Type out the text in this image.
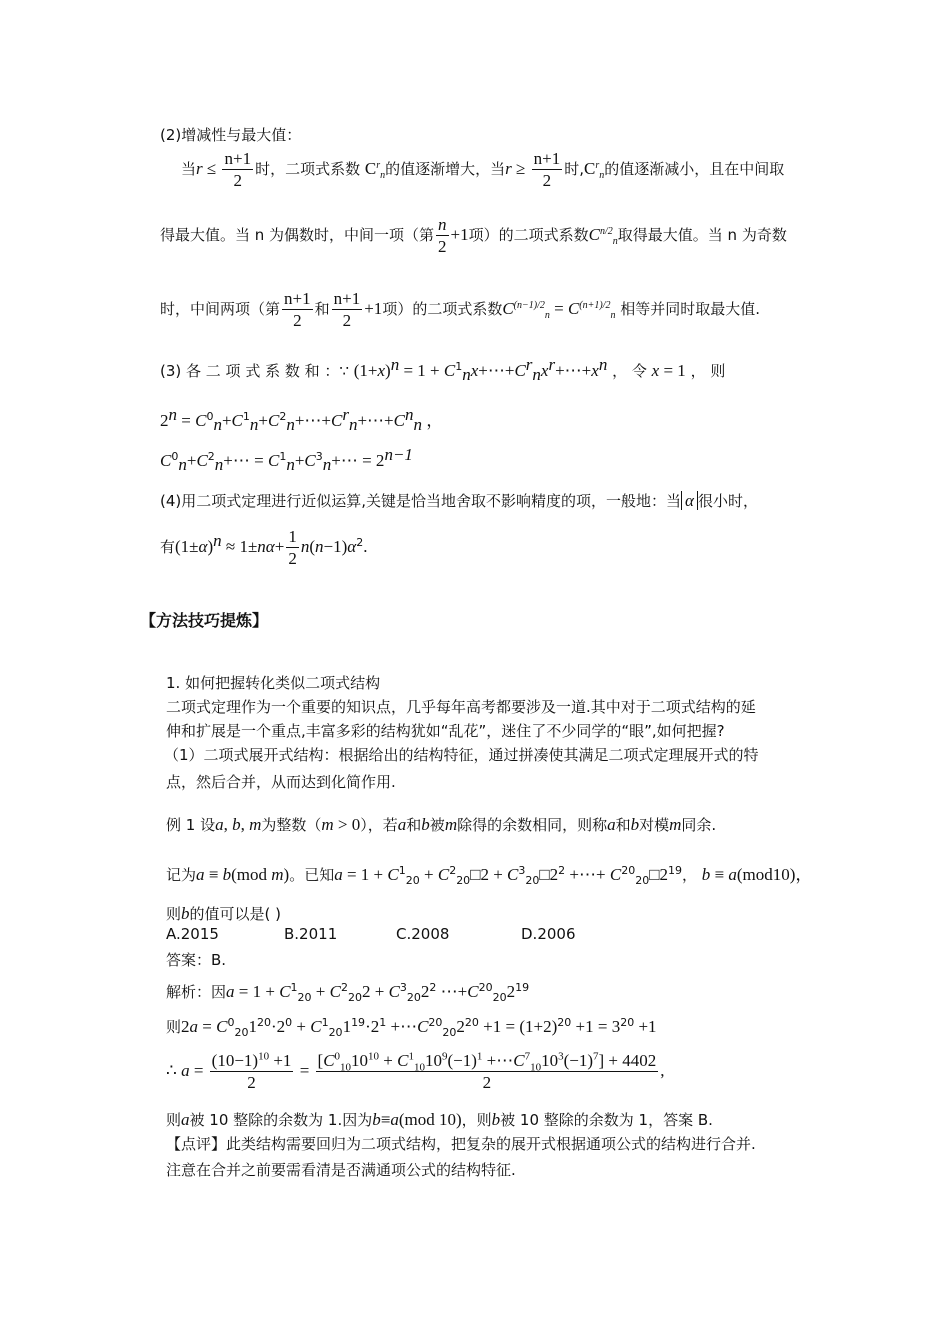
(2)增减性与最大值：
当$r \le \frac{n+1}{2}$ 时，二项式系数 $C^r_n$的值逐渐增大，当$r \ge \frac{n+1}{2}$ 时$,C^r_n$的值逐渐减小，且在中间取
得最大值。当 n 为偶数时，中间一项（第 $\frac{n}{2} +1$项）的二项式系数$C^{n/2}_n$取得最大值。当 n 为奇数
时，中间两项（第 $\frac{n+1}{2}$ 和 $\frac{n+1}{2} +1$项）的二项式系数$C^{(n-1)/2}_n = C^{(n+1)/2}_n$ 相等并同时取最大值.
(3) 各 二 项 式 系 数 和 ：∵ $(1+x)^n = 1$ + $C^1_nx+\cdots+C^r_nx^r+\cdots+x^n$ ， 令 x = 1 ， 则
$2^n$ = $C^0_n+C^1_n+C^2_n+\cdots+C^r_n+\cdots+C^n_n$ ，
$C^0_n+C^2_n+\cdots$ = $C^1_n+C^3_n+\cdots = 2^{n-1}$
(4)用二项式定理进行近似运算,关键是恰当地舍取不影响精度的项，一般地：当 α 很小时，
有$(1\pm\alpha)^n \approx 1\pm n\alpha+ \frac{1}{2} n(n-1)\alpha^2$.
【方法技巧提炼】
1. 如何把握转化类似二项式结构
二项式定理作为一个重要的知识点，几乎每年高考都要涉及一道.其中对于二项式结构的延
伸和扩展是一个重点,丰富多彩的结构犹如“乱花”，迷住了不少同学的“眼”,如何把握?
（1）二项式展开式结构：根据给出的结构特征，通过拼凑使其满足二项式定理展开式的特
点，然后合并，从而达到化简作用.
例 1 设a, b, m为整数（m > 0），若a和b被m除得的余数相同，则称a和b对模m同余.
记为a ≡ b(mod m)。已知$a = 1 + C^1_{20}$ + $C^2_{20}□2$ + $C^3_{20}□2^2$ +⋯+ $C^{20}_{20}□2^{19}$， b ≡ a(mod10)，
则b的值可以是( )
A.2015	B.2011	C.2008	D.2006
答案：B.
解析：因$a = 1 + C^1_{20} + C^2_{20}2 + C^3_{20}2^2$ $\cdots+C^{20}_{20}2^{19}$
则$2a = C^0_{20}1^{20}\cdot 2^0 + C^1_{20}1^{19}\cdot 2^1$ $+\cdots C^{20}_{20}2^{20} +1 = (1+2)^{20} +1 = 3^{20} +1$
∴ $a = \frac{(10-1)^{10} +1}{2} = \frac{[C^0_{10}10^{10} + C^1_{10}10^9(-1)^1 +\cdots C^7_{10}10^3(-1)^7] + 4402}{2}$ ,
则a被 10 整除的余数为 1.因为b≡a(mod 10)，则b被 10 整除的余数为 1，答案 B.
【点评】此类结构需要回归为二项式结构，把复杂的展开式根据通项公式的结构进行合并.
注意在合并之前要需看清是否满通项公式的结构特征.
